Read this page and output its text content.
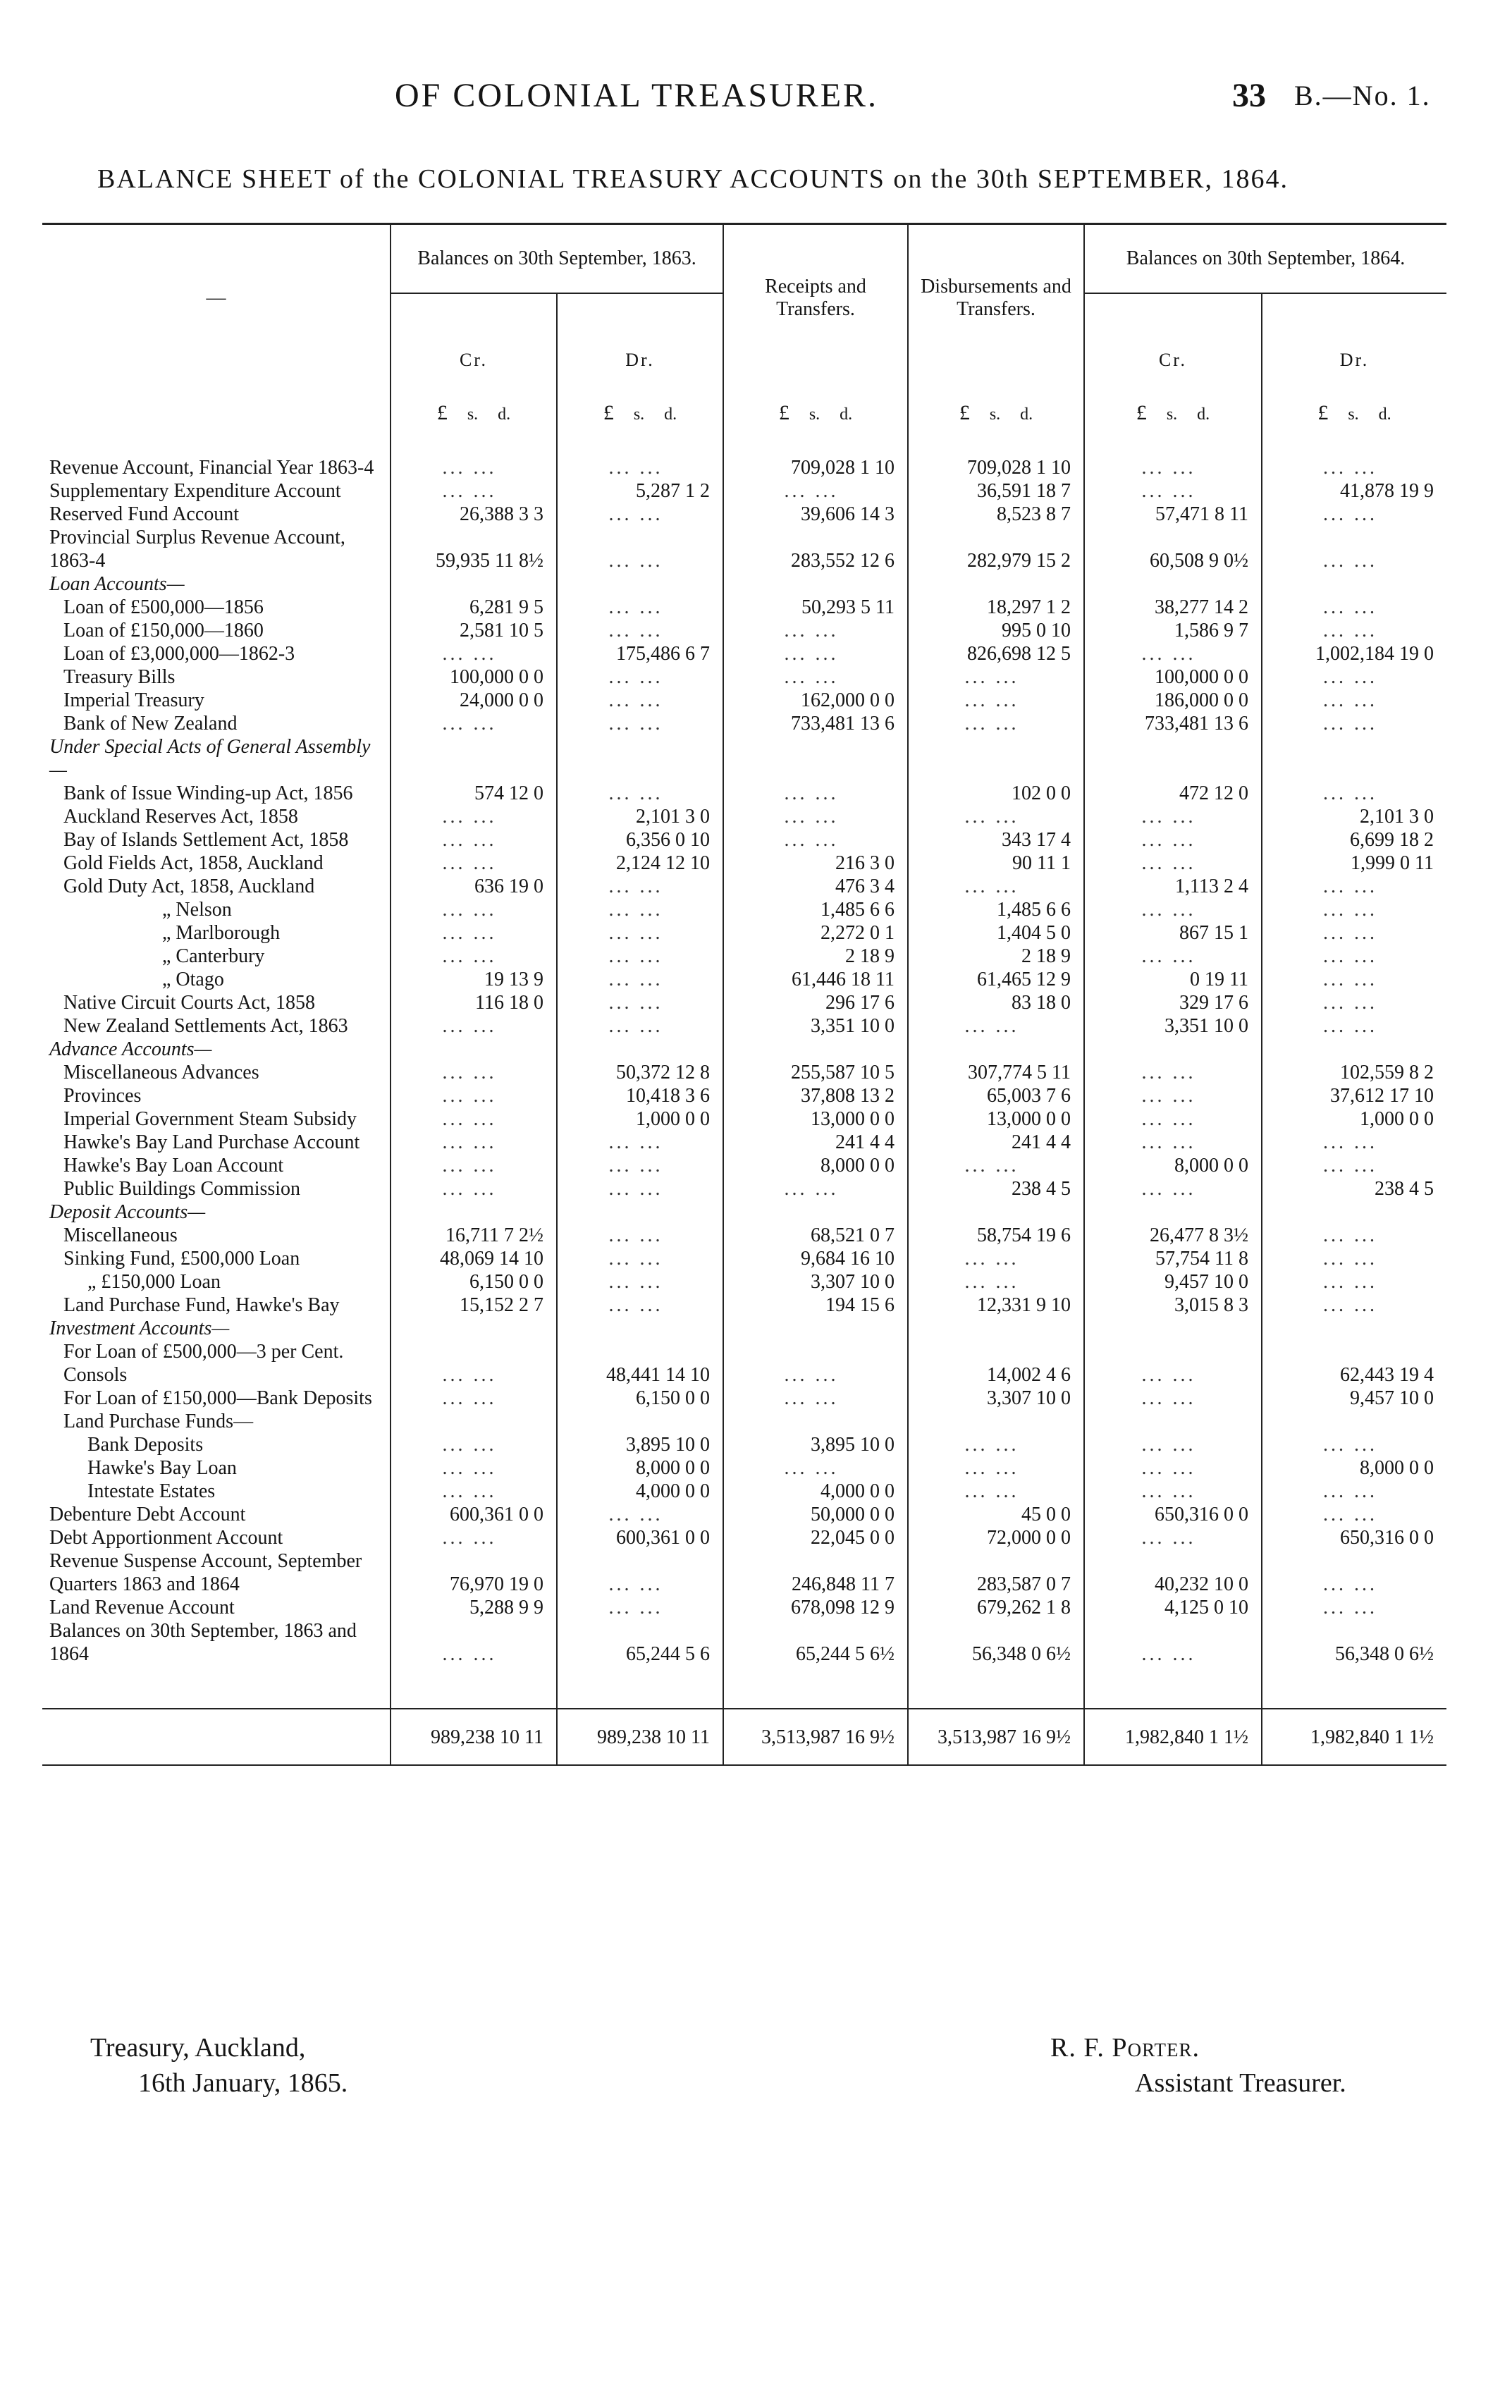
OF COLONIAL TREASURER.	33 B.—No. 1.
BALANCE SHEET of the COLONIAL TREASURY ACCOUNTS on the 30th SEPTEMBER, 1864.
—	Balances on 30th September, 1863.		Receipts and Transfers.	Disbursements and Transfers.	Balances on 30th September, 1864.	
	Cr.	Dr.			Cr.	Dr.
	£ s. d.	£ s. d.	£ s. d.	£ s. d.	£ s. d.	£ s. d.
Revenue Account, Financial Year 1863-4	... ...	... ...	709,028 1 10	709,028 1 10	... ...	... ...
Supplementary Expenditure Account	... ...	5,287 1 2	... ...	36,591 18 7	... ...	41,878 19 9
Reserved Fund Account	26,388 3 3	... ...	39,606 14 3	8,523 8 7	57,471 8 11	... ...
Provincial Surplus Revenue Account, 1863-4	59,935 11 8½	... ...	283,552 12 6	282,979 15 2	60,508 9 0½	... ...
Loan Accounts—						
Loan of £500,000—1856	6,281 9 5	... ...	50,293 5 11	18,297 1 2	38,277 14 2	... ...
Loan of £150,000—1860	2,581 10 5	... ...	... ...	995 0 10	1,586 9 7	... ...
Loan of £3,000,000—1862-3	... ...	175,486 6 7	... ...	826,698 12 5	... ...	1,002,184 19 0
Treasury Bills	100,000 0 0	... ...	... ...	... ...	100,000 0 0	... ...
Imperial Treasury	24,000 0 0	... ...	162,000 0 0	... ...	186,000 0 0	... ...
Bank of New Zealand	... ...	... ...	733,481 13 6	... ...	733,481 13 6	... ...
Under Special Acts of General Assembly—						
Bank of Issue Winding-up Act, 1856	574 12 0	... ...	... ...	102 0 0	472 12 0	... ...
Auckland Reserves Act, 1858	... ...	2,101 3 0	... ...	... ...	... ...	2,101 3 0
Bay of Islands Settlement Act, 1858	... ...	6,356 0 10	... ...	343 17 4	... ...	6,699 18 2
Gold Fields Act, 1858, Auckland	... ...	2,124 12 10	216 3 0	90 11 1	... ...	1,999 0 11
Gold Duty Act, 1858, Auckland	636 19 0	... ...	476 3 4	... ...	1,113 2 4	... ...
„ Nelson	... ...	... ...	1,485 6 6	1,485 6 6	... ...	... ...
„ Marlborough	... ...	... ...	2,272 0 1	1,404 5 0	867 15 1	... ...
„ Canterbury	... ...	... ...	2 18 9	2 18 9	... ...	... ...
„ Otago	19 13 9	... ...	61,446 18 11	61,465 12 9	0 19 11	... ...
Native Circuit Courts Act, 1858	116 18 0	... ...	296 17 6	83 18 0	329 17 6	... ...
New Zealand Settlements Act, 1863	... ...	... ...	3,351 10 0	... ...	3,351 10 0	... ...
Advance Accounts—						
Miscellaneous Advances	... ...	50,372 12 8	255,587 10 5	307,774 5 11	... ...	102,559 8 2
Provinces	... ...	10,418 3 6	37,808 13 2	65,003 7 6	... ...	37,612 17 10
Imperial Government Steam Subsidy	... ...	1,000 0 0	13,000 0 0	13,000 0 0	... ...	1,000 0 0
Hawke's Bay Land Purchase Account	... ...	... ...	241 4 4	241 4 4	... ...	... ...
Hawke's Bay Loan Account	... ...	... ...	8,000 0 0	... ...	8,000 0 0	... ...
Public Buildings Commission	... ...	... ...	... ...	238 4 5	... ...	238 4 5
Deposit Accounts—						
Miscellaneous	16,711 7 2½	... ...	68,521 0 7	58,754 19 6	26,477 8 3½	... ...
Sinking Fund, £500,000 Loan	48,069 14 10	... ...	9,684 16 10	... ...	57,754 11 8	... ...
„ £150,000 Loan	6,150 0 0	... ...	3,307 10 0	... ...	9,457 10 0	... ...
Land Purchase Fund, Hawke's Bay	15,152 2 7	... ...	194 15 6	12,331 9 10	3,015 8 3	... ...
Investment Accounts—						
For Loan of £500,000—3 per Cent. Consols	... ...	48,441 14 10	... ...	14,002 4 6	... ...	62,443 19 4
For Loan of £150,000—Bank Deposits	... ...	6,150 0 0	... ...	3,307 10 0	... ...	9,457 10 0
Land Purchase Funds—						
Bank Deposits	... ...	3,895 10 0	3,895 10 0	... ...	... ...	... ...
Hawke's Bay Loan	... ...	8,000 0 0	... ...	... ...	... ...	8,000 0 0
Intestate Estates	... ...	4,000 0 0	4,000 0 0	... ...	... ...	... ...
Debenture Debt Account	600,361 0 0	... ...	50,000 0 0	45 0 0	650,316 0 0	... ...
Debt Apportionment Account	... ...	600,361 0 0	22,045 0 0	72,000 0 0	... ...	650,316 0 0
Revenue Suspense Account, September Quarters 1863 and 1864	76,970 19 0	... ...	246,848 11 7	283,587 0 7	40,232 10 0	... ...
Land Revenue Account	5,288 9 9	... ...	678,098 12 9	679,262 1 8	4,125 0 10	... ...
Balances on 30th September, 1863 and 1864	... ...	65,244 5 6	65,244 5 6½	56,348 0 6½	... ...	56,348 0 6½

	989,238 10 11	989,238 10 11	3,513,987 16 9½	3,513,987 16 9½	1,982,840 1 1½	1,982,840 1 1½
Treasury, Auckland,
16th January, 1865.
R. F. Porter.
Assistant Treasurer.
